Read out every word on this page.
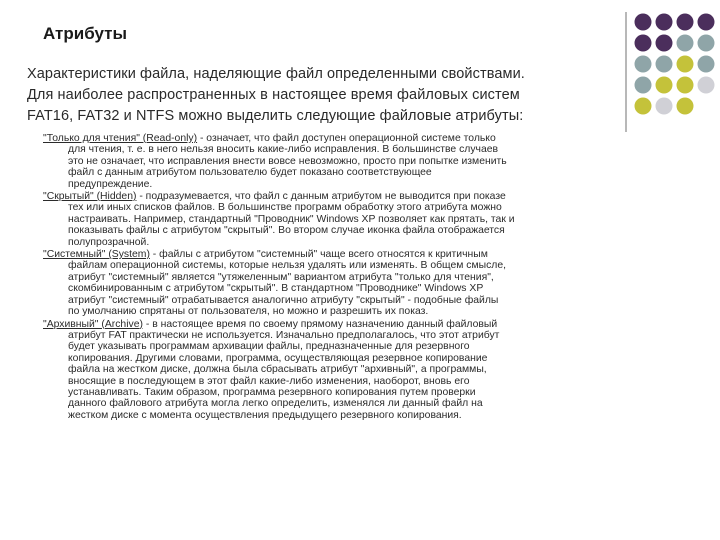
Атрибуты
Характеристики файла, наделяющие файл определенными свойствами.
Для наиболее распространенных в настоящее время файловых систем
FAT16, FAT32 и NTFS можно выделить следующие файловые атрибуты:
"Только для чтения" (Read-only) - означает, что файл доступен операционной системе только
для чтения, т. е. в него нельзя вносить какие-либо исправления. В большинстве случаев
это не означает, что исправления внести вовсе невозможно, просто при попытке изменить
файл с данным атрибутом пользователю будет показано соответствующее
предупреждение.
"Скрытый" (Hidden) - подразумевается, что файл с данным атрибутом не выводится при показе
тех или иных списков файлов. В большинстве программ обработку этого атрибута можно
настраивать. Например, стандартный "Проводник" Windows XP позволяет как прятать, так и
показывать файлы с атрибутом "скрытый". Во втором случае иконка файла отображается
полупрозрачной.
"Системный" (System) - файлы с атрибутом "системный" чаще всего относятся к критичным
файлам операционной системы, которые нельзя удалять или изменять. В общем смысле,
атрибут "системный" является "утяжеленным" вариантом атрибута "только для чтения",
скомбинированным с атрибутом "скрытый". В стандартном "Проводнике" Windows XP
атрибут "системный" отрабатывается аналогично атрибуту "скрытый" - подобные файлы
по умолчанию спрятаны от пользователя, но можно и разрешить их показ.
"Архивный" (Archive) - в настоящее время по своему прямому назначению данный файловый
атрибут FAT практически не используется. Изначально предполагалось, что этот атрибут
будет указывать программам архивации файлы, предназначенные для резервного
копирования. Другими словами, программа, осуществляющая резервное копирование
файла на жестком диске, должна была сбрасывать атрибут "архивный", а программы,
вносящие в последующем в этот файл какие-либо изменения, наоборот, вновь его
устанавливать. Таким образом, программа резервного копирования путем проверки
данного файлового атрибута могла легко определить, изменялся ли данный файл на
жестком диске с момента осуществления предыдущего резервного копирования.
